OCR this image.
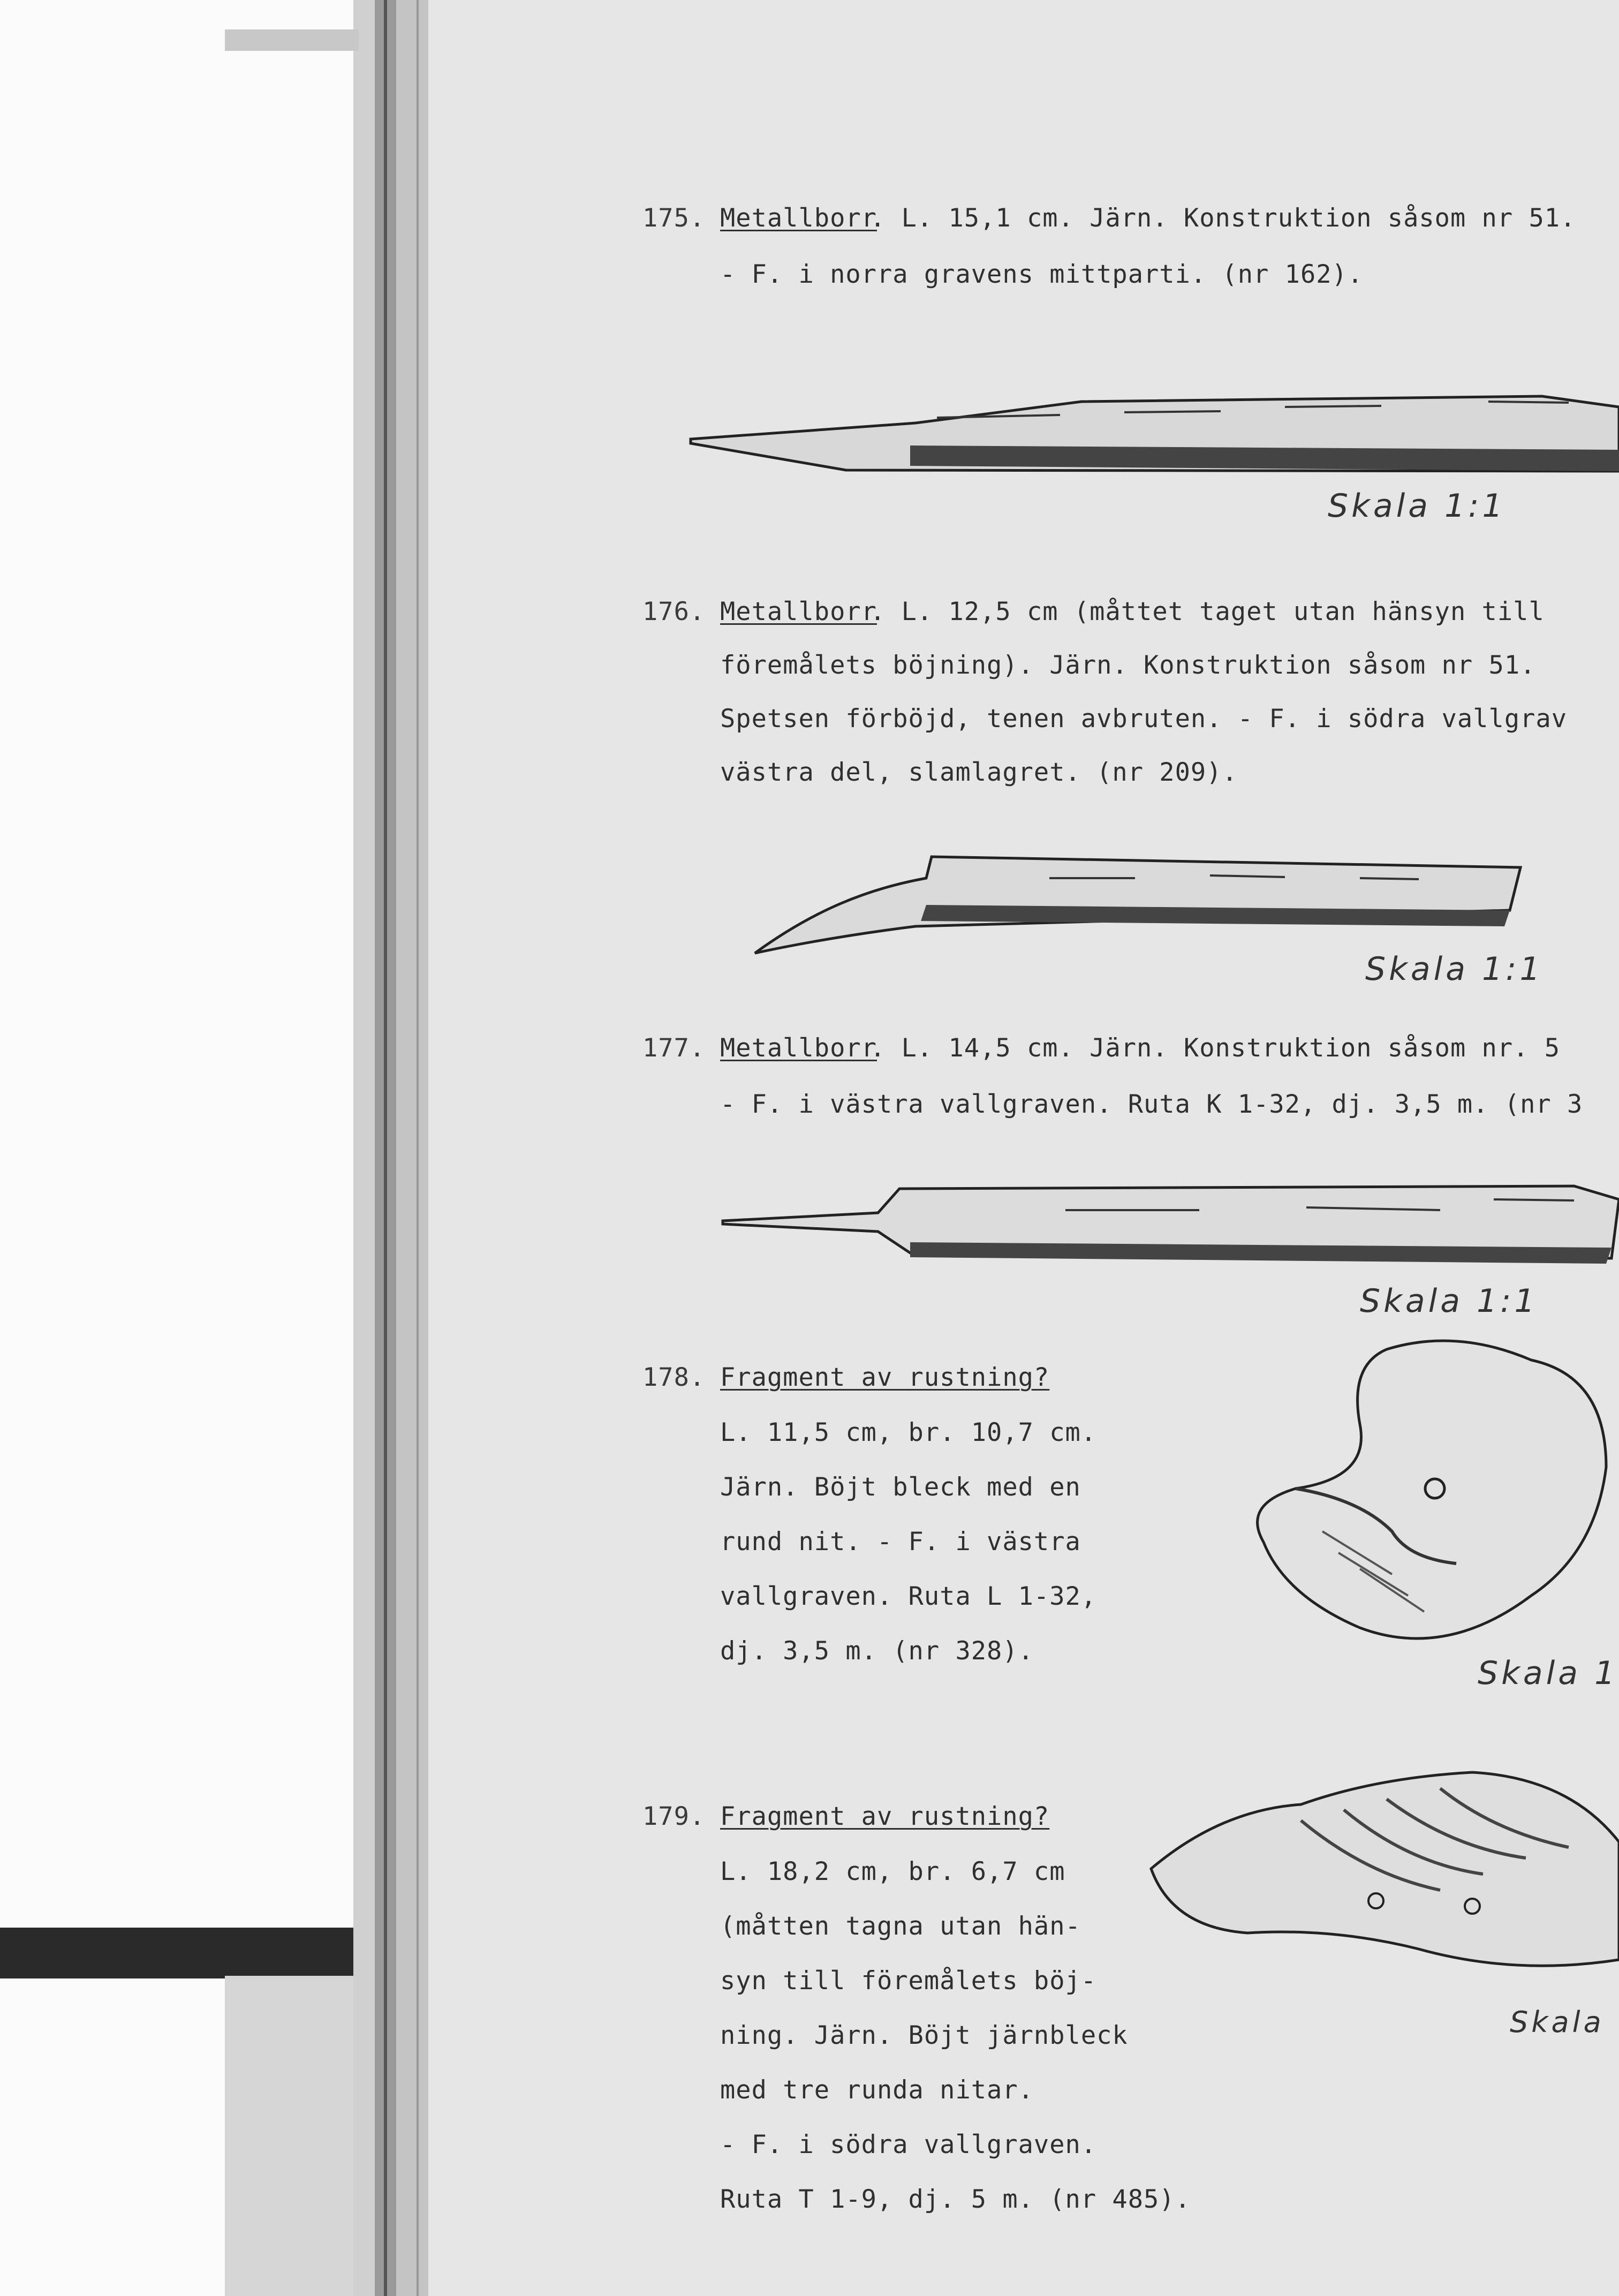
175. Metallborr
. L. 15,1 cm. Järn. Konstruktion såsom nr 51.
- F. i norra gravens mittparti. (nr 162).
Skala 1:1
176. Metallborr
. L. 12,5 cm (måttet taget utan hänsyn till
föremålets böjning). Järn. Konstruktion såsom nr 51.
Spetsen förböjd, tenen avbruten. - F. i södra vallgrav
västra del, slamlagret. (nr 209).
Skala 1:1
177. Metallborr
. L. 14,5 cm. Järn. Konstruktion såsom nr. 5
- F. i västra vallgraven. Ruta K 1-32, dj. 3,5 m. (nr 3
Skala 1:1
178. Fragment av rustning?
L. 11,5 cm, br. 10,7 cm.
Järn. Böjt bleck med en
rund nit. - F. i västra
vallgraven. Ruta L 1-32,
dj. 3,5 m. (nr 328).
Skala 1
179. Fragment av rustning?
L. 18,2 cm, br. 6,7 cm
(måtten tagna utan hän-
syn till föremålets böj-
ning. Järn. Böjt järnbleck
med tre runda nitar.
- F. i södra vallgraven.
Ruta T 1-9, dj. 5 m. (nr 485).
Skala
